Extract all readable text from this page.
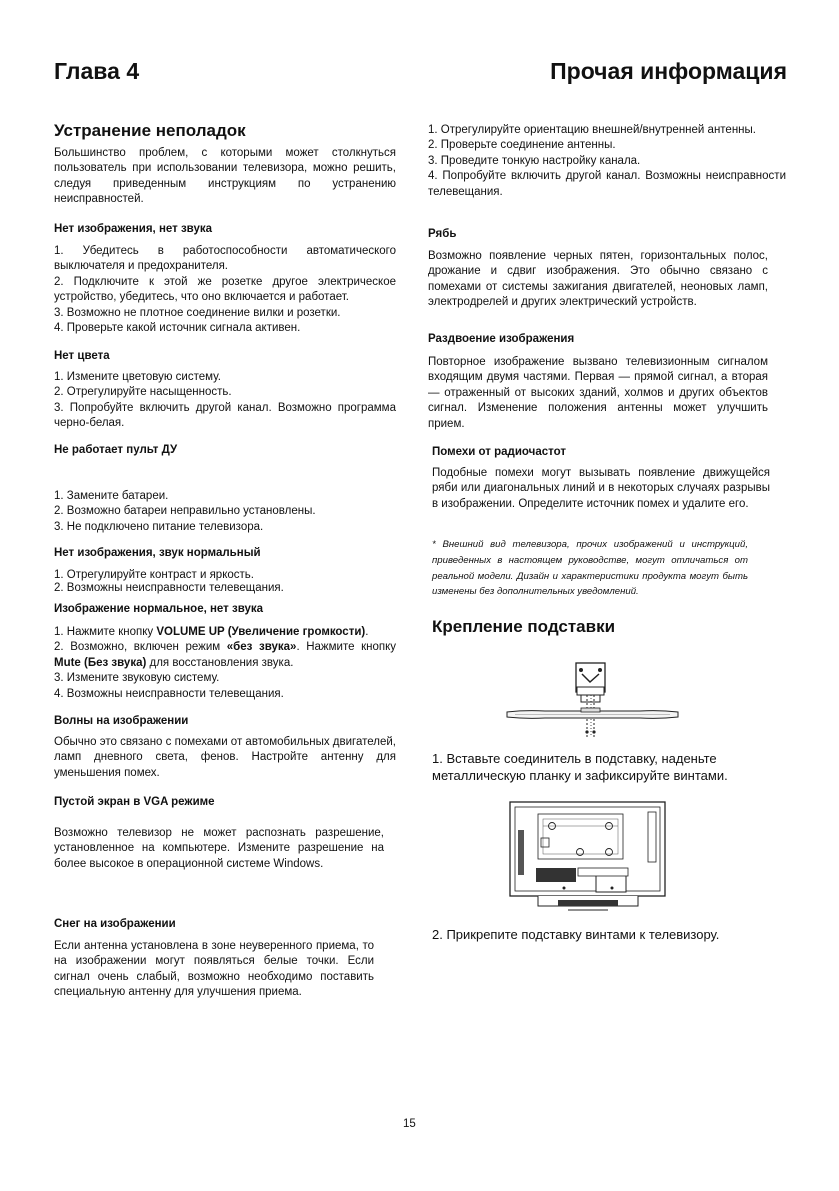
Глава 4	Прочая информация
Устранение неполадок
Большинство проблем, с которыми может столкнуться пользователь при использовании телевизора, можно решить, следуя приведенным инструкциям по устранению неисправностей.
Нет изображения, нет звука

1. Убедитесь в работоспособности автоматического выключателя и предохранителя.

2. Подключите к этой же розетке другое электрическое устройство, убедитесь, что оно включается и работает.

3. Возможно не плотное соединение вилки и розетки.

4. Проверьте какой источник сигнала активен.

Нет цвета

1. Измените цветовую систему.

2. Отрегулируйте насыщенность.

3. Попробуйте включить другой канал. Возможно программа черно-белая.

Не работает пульт ДУ

1. Замените батареи.

2. Возможно батареи неправильно установлены.

3. Не подключено питание телевизора.

Нет изображения, звук нормальный

1. Отрегулируйте контраст и яркость.

2. Возможны неисправности телевещания.

Изображение нормальное, нет звука

1. Нажмите кнопку VOLUME UP (Увеличение громкости).

2. Возможно, включен режим «без звука». Нажмите кнопку Mute (Без звука) для восстановления звука.

3. Измените звуковую систему.

4. Возможны неисправности телевещания.

Волны на изображении
Обычно это связано с помехами от автомобильных двигателей, ламп дневного света, фенов. Настройте антенну для уменьшения помех.
Пустой экран в VGA режиме
Возможно телевизор не может распознать разрешение, установленное на компьютере. Измените разрешение на более высокое в операционной системе Windows.
Снег на изображении
Если антенна установлена в зоне неуверенного приема, то на изображении могут появляться белые точки. Если сигнал очень слабый, возможно необходимо поставить специальную антенну для улучшения приема.

1. Отрегулируйте ориентацию внешней/внутренней антенны.

2. Проверьте соединение антенны.

3. Проведите тонкую настройку канала.

4. Попробуйте включить другой канал. Возможны неисправности телевещания.

Рябь
Возможно появление черных пятен, горизонтальных полос, дрожание и сдвиг изображения. Это обычно связано с помехами от системы зажигания двигателей, неоновых ламп, электродрелей и других электрический устройств.
Раздвоение изображения
Повторное изображение вызвано телевизионным сигналом входящим двумя частями. Первая — прямой сигнал, а вторая — отраженный от высоких зданий, холмов и других объектов сигнал. Изменение положения антенны может улучшить прием.
Помехи от радиочастот
Подобные помехи могут вызывать появление движущейся ряби или диагональных линий и в некоторых случаях разрывы в изображении. Определите источник помех и удалите его.
* Внешний вид телевизора, прочих изображений и инструкций, приведенных в настоящем руководстве, могут отличаться от реальной модели. Дизайн и характеристики продукта могут быть изменены без дополнительных уведомлений.
Крепление подставки
1. Вставьте соединитель в подставку, наденьте металлическую планку и зафиксируйте винтами.
2. Прикрепите подставку винтами к телевизору.
15
